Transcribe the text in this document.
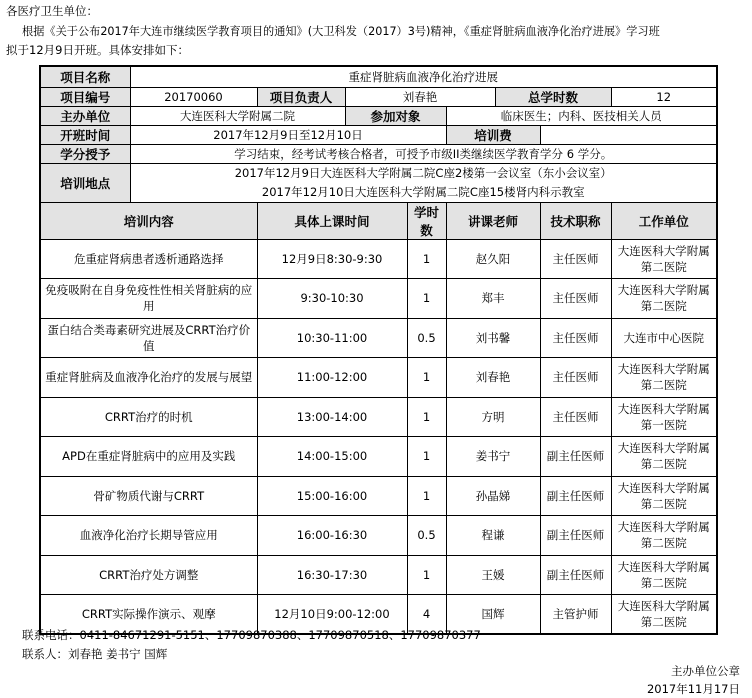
各医疗卫生单位：
根据《关于公布2017年大连市继续医学教育项目的通知》(大卫科发（2017）3号)精神，《重症肾脏病血液净化治疗进展》学习班
拟于12月9日开班。具体安排如下：
项目名称	重症肾脏病血液净化治疗进展							
项目编号	20170060	项目负责人	刘春艳			总学时数		12
主办单位	大连医科大学附属二院		参加对象		临床医生；内科、医技相关人员			
开班时间	2017年12月9日至12月10日				培训费			
学分授予	学习结束，经考试考核合格者，可授予市级II类继续医学教育学分 6 学分。							
培训地点	2017年12月9日大连医科大学附属二院C座2楼第一会议室（东小会议室）
2017年12月10日大连医科大学附属二院C座15楼肾内科示教室							

培训内容		具体上课时间		学时数	讲课老师		技术职称	工作单位
危重症肾病患者透析通路选择		12月9日8:30-9:30		1	赵久阳		主任医师	大连医科大学附属第二医院
免疫吸附在自身免疫性性相关肾脏病的应用		9:30-10:30		1	郑丰		主任医师	大连医科大学附属第二医院
蛋白结合类毒素研究进展及CRRT治疗价值		10:30-11:00		0.5	刘书馨		主任医师	大连市中心医院
重症肾脏病及血液净化治疗的发展与展望		11:00-12:00		1	刘春艳		主任医师	大连医科大学附属第二医院
CRRT治疗的时机		13:00-14:00		1	方明		主任医师	大连医科大学附属第一医院
APD在重症肾脏病中的应用及实践		14:00-15:00		1	姜书宁		副主任医师	大连医科大学附属第二医院
骨矿物质代谢与CRRT		15:00-16:00		1	孙晶娣		副主任医师	大连医科大学附属第二医院
血液净化治疗长期导管应用		16:00-16:30		0.5	程谦		副主任医师	大连医科大学附属第二医院
CRRT治疗处方调整		16:30-17:30		1	王媛		副主任医师	大连医科大学附属第二医院
CRRT实际操作演示、观摩		12月10日9:00-12:00		4	国辉		主管护师	大连医科大学附属第二医院
联系电话：0411-84671291-5151、17709870388、17709870518、17709870377
联系人：刘春艳 姜书宁 国辉
主办单位公章
2017年11月17日
